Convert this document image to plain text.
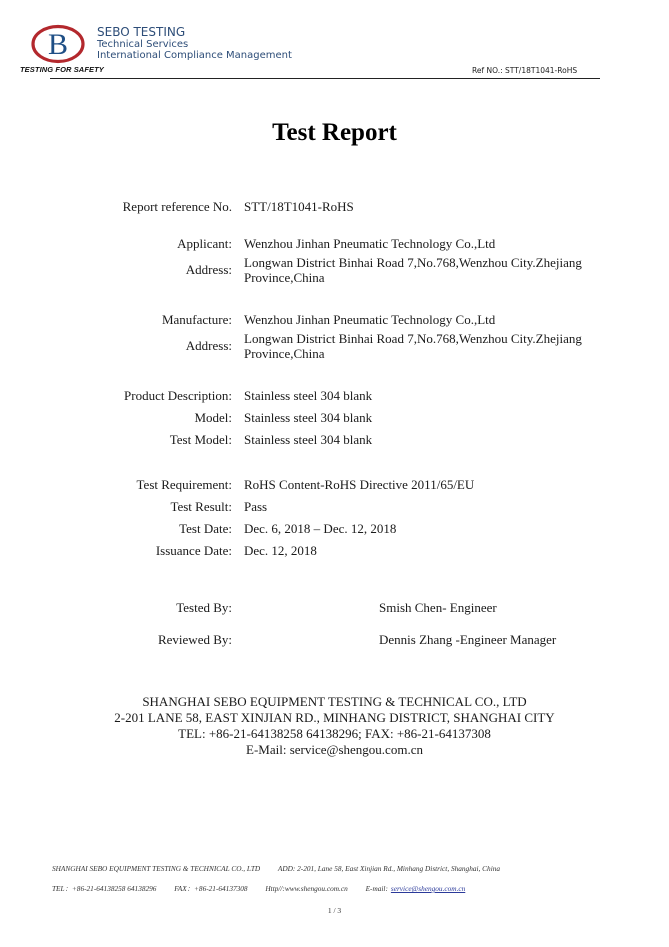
B
TESTING FOR SAFETY
SEBO TESTING
Technical Services
International Compliance Management
Ref NO.: STT/18T1041-RoHS
Test Report
Report reference No. STT/18T1041-RoHS
Applicant: Wenzhou Jinhan Pneumatic Technology Co.,Ltd
Address: Longwan District Binhai Road 7,No.768,Wenzhou City.Zhejiang Province,China
Manufacture: Wenzhou Jinhan Pneumatic Technology Co.,Ltd
Address: Longwan District Binhai Road 7,No.768,Wenzhou City.Zhejiang Province,China
Product Description: Stainless steel 304 blank
Model: Stainless steel 304 blank
Test Model: Stainless steel 304 blank
Test Requirement: RoHS Content-RoHS Directive 2011/65/EU
Test Result: Pass
Test Date: Dec. 6, 2018 – Dec. 12, 2018
Issuance Date: Dec. 12, 2018
Tested By:	Smish Chen- Engineer
Reviewed By:	Dennis Zhang -Engineer Manager
SHANGHAI SEBO EQUIPMENT TESTING & TECHNICAL CO., LTD
2-201 LANE 58, EAST XINJIAN RD., MINHANG DISTRICT, SHANGHAI CITY
TEL: +86-21-64138258 64138296; FAX: +86-21-64137308
E-Mail: service@shengou.com.cn
SHANGHAI SEBO EQUIPMENT TESTING & TECHNICAL CO., LTD ADD: 2-201, Lane 58, East Xinjian Rd., Minhang District, Shanghai, China
TEL：+86-21-64138258 64138296 FAX：+86-21-64137308 Http//:www.shengou.com.cn E-mail: service@shengou.com.cn
1 / 3
